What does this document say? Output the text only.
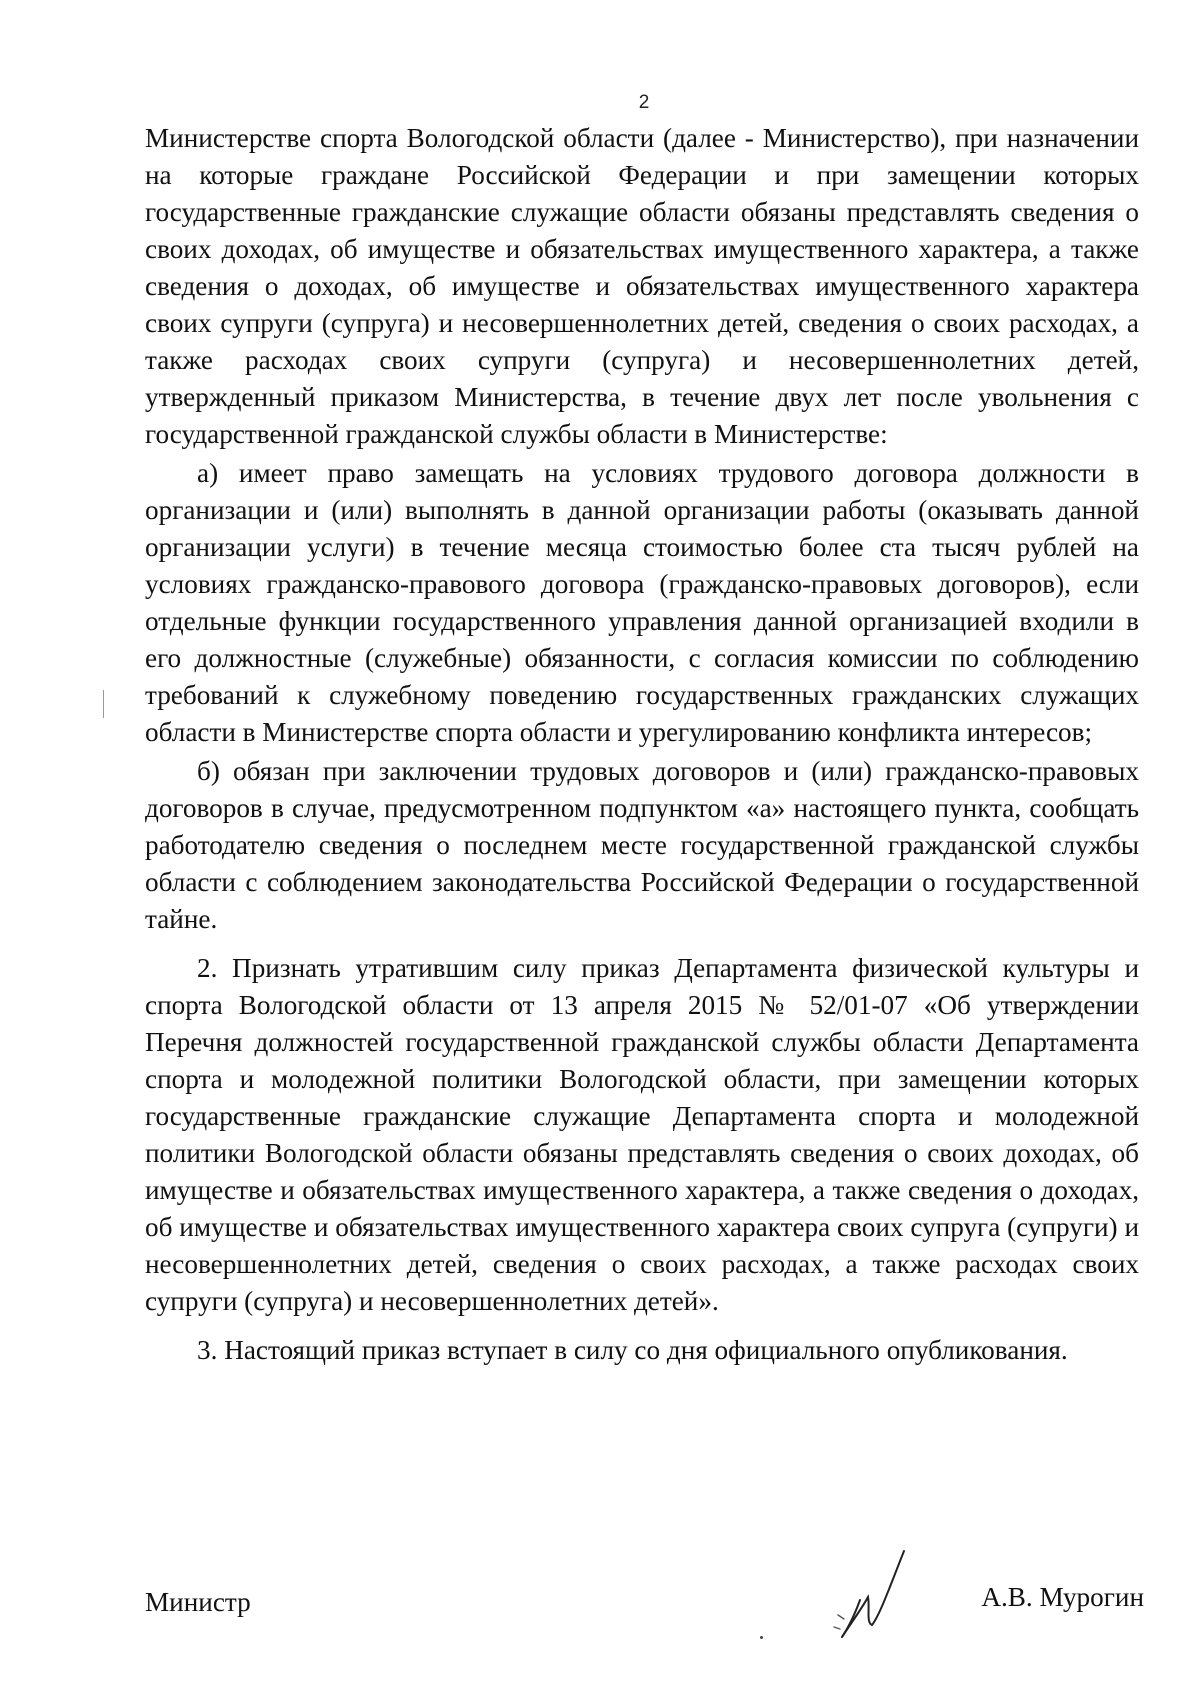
2

Министерстве спорта Вологодской области (далее - Министерство), при назначении на которые граждане Российской Федерации и при замещении которых государственные гражданские служащие области обязаны представлять сведения о своих доходах, об имуществе и обязательствах имущественного характера, а также сведения о доходах, об имуществе и обязательствах имущественного характера своих супруги (супруга) и несовершеннолетних детей, сведения о своих расходах, а также расходах своих супруги (супруга) и несовершеннолетних детей, утвержденный приказом Министерства, в течение двух лет после увольнения с государственной гражданской службы области в Министерстве:

а) имеет право замещать на условиях трудового договора должности в организации и (или) выполнять в данной организации работы (оказывать данной организации услуги) в течение месяца стоимостью более ста тысяч рублей на условиях гражданско-правового договора (гражданско-правовых договоров), если отдельные функции государственного управления данной организацией входили в его должностные (служебные) обязанности, с согласия комиссии по соблюдению требований к служебному поведению государственных гражданских служащих области в Министерстве спорта области и урегулированию конфликта интересов;

б) обязан при заключении трудовых договоров и (или) гражданско-правовых договоров в случае, предусмотренном подпунктом «а» настоящего пункта, сообщать работодателю сведения о последнем месте государственной гражданской службы области с соблюдением законодательства Российской Федерации о государственной тайне.

2. Признать утратившим силу приказ Департамента физической культуры и спорта Вологодской области от 13 апреля 2015 № 52/01-07 «Об утверждении Перечня должностей государственной гражданской службы области Департамента спорта и молодежной политики Вологодской области, при замещении которых государственные гражданские служащие Департамента спорта и молодежной политики Вологодской области обязаны представлять сведения о своих доходах, об имуществе и обязательствах имущественного характера, а также сведения о доходах, об имуществе и обязательствах имущественного характера своих супруга (супруги) и несовершеннолетних детей, сведения о своих расходах, а также расходах своих супруги (супруга) и несовершеннолетних детей».

3. Настоящий приказ вступает в силу со дня официального опубликования.

Министр	А.В. Мурогин
